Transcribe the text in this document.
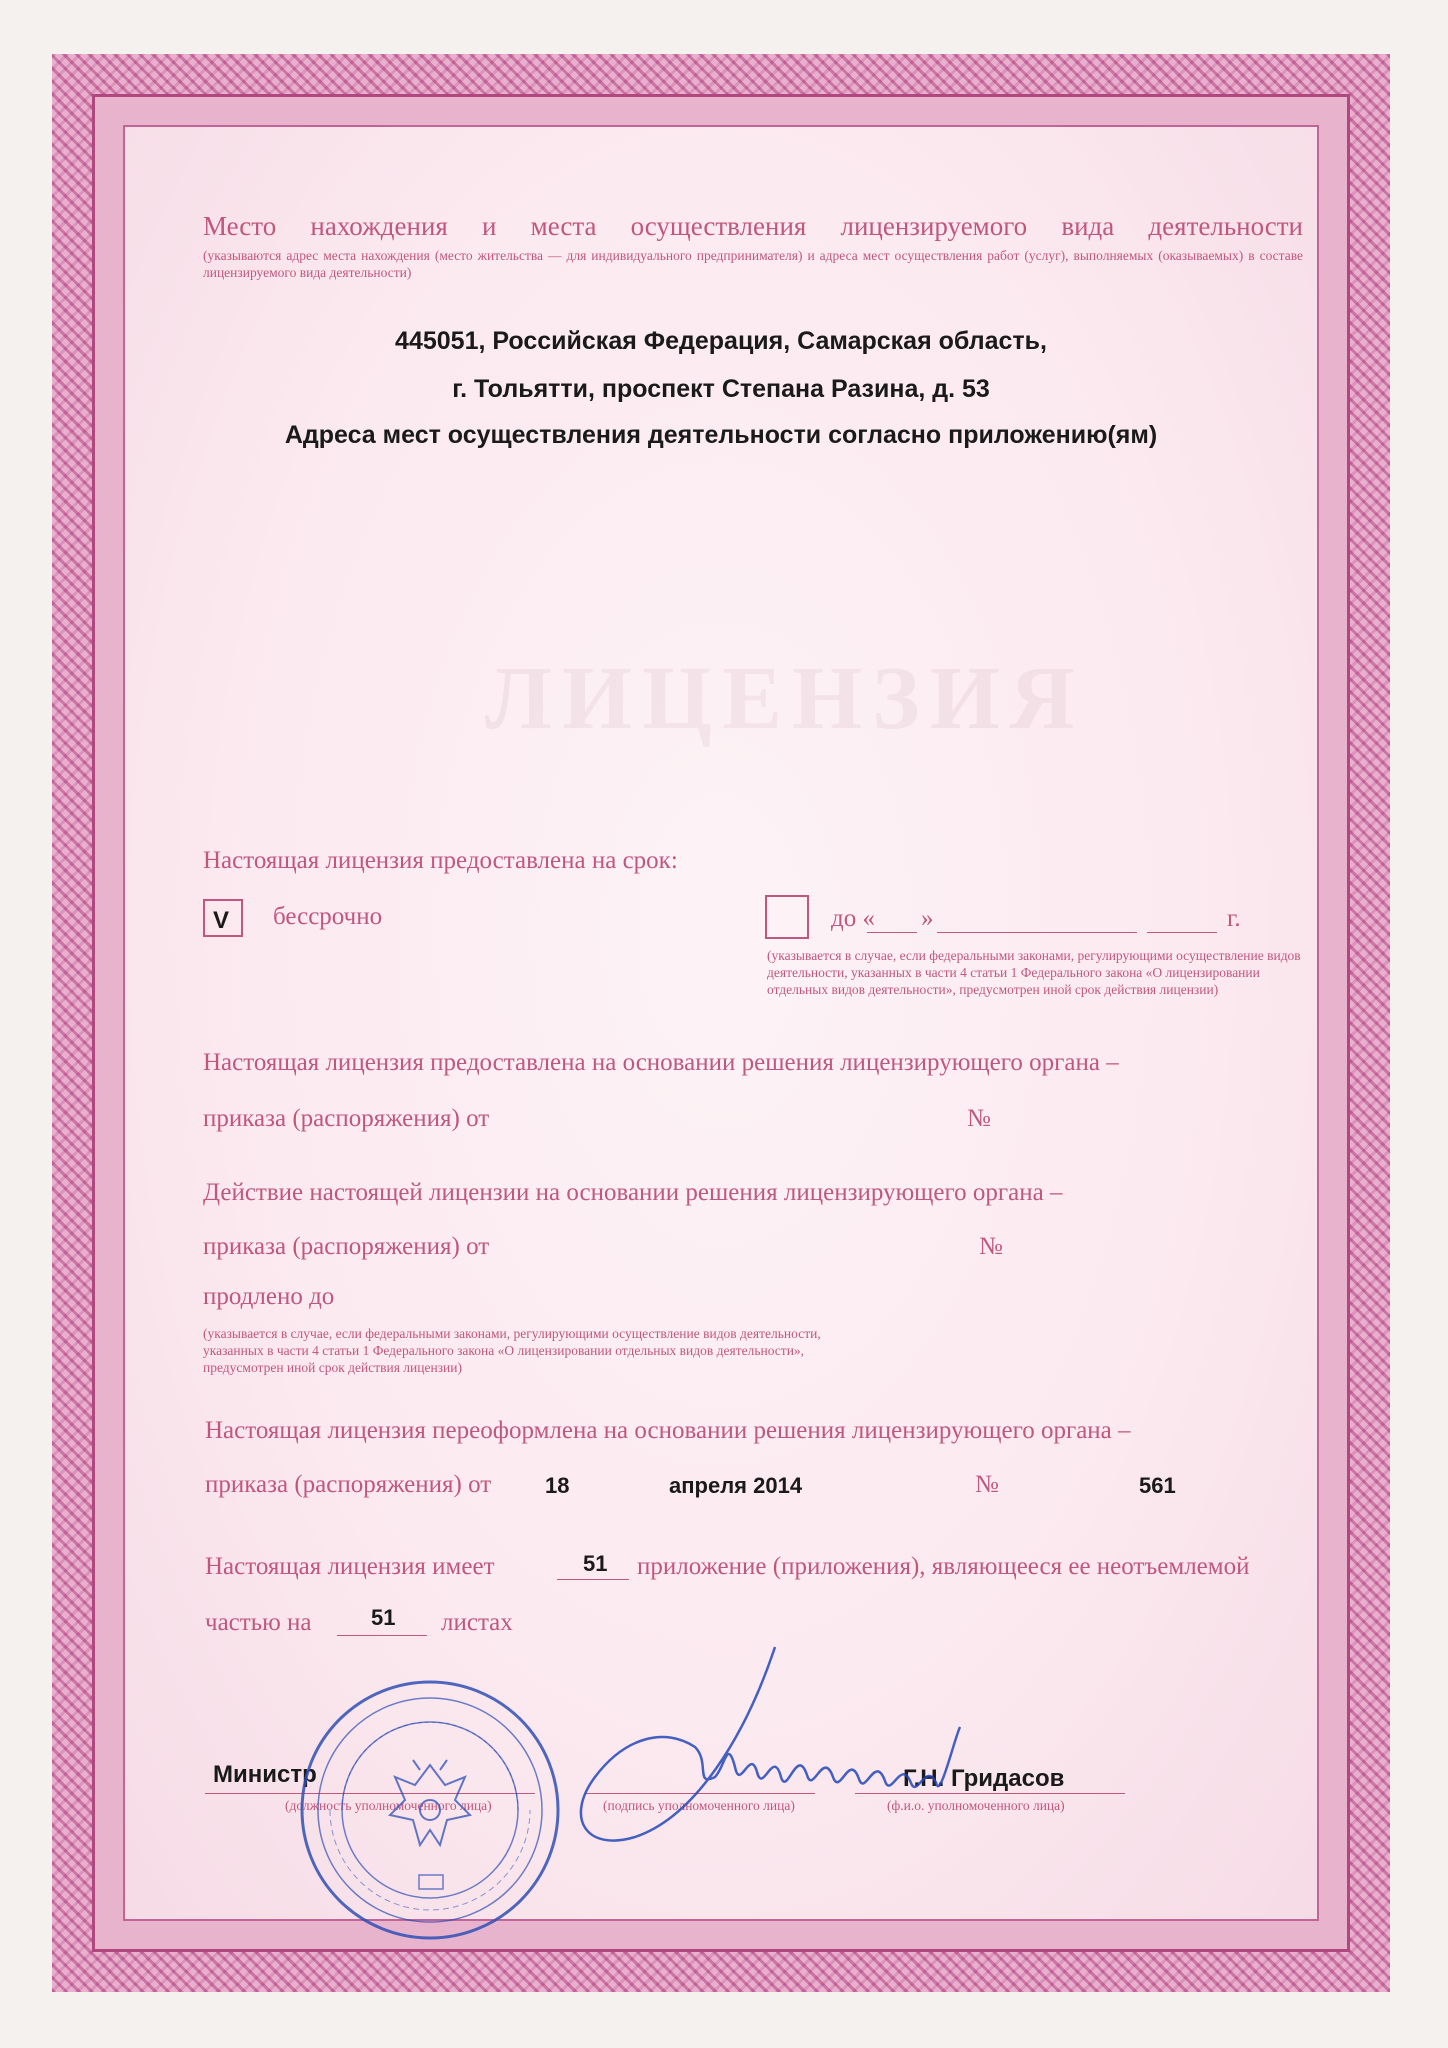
ЛИЦЕНЗИЯ
Место нахождения и места осуществления лицензируемого вида деятельности
(указываются адрес места нахождения (место жительства — для индивидуального предпринимателя) и адреса мест осуществления работ (услуг), выполняемых (оказываемых) в составе лицензируемого вида деятельности)
445051, Российская Федерация, Самарская область,
г. Тольятти, проспект Степана Разина, д. 53
Адреса мест осуществления деятельности согласно приложению(ям)
Настоящая лицензия предоставлена на срок:
V бессрочно	до « »	г.
(указывается в случае, если федеральными законами, регулирующими осуществление видов деятельности, указанных в части 4 статьи 1 Федерального закона «О лицензировании отдельных видов деятельности», предусмотрен иной срок действия лицензии)
Настоящая лицензия предоставлена на основании решения лицензирующего органа –
приказа (распоряжения) от	№
Действие настоящей лицензии на основании решения лицензирующего органа –
приказа (распоряжения) от	№
продлено до
(указывается в случае, если федеральными законами, регулирующими осуществление видов деятельности, указанных в части 4 статьи 1 Федерального закона «О лицензировании отдельных видов деятельности», предусмотрен иной срок действия лицензии)
Настоящая лицензия переоформлена на основании решения лицензирующего органа –
приказа (распоряжения) от 18	апреля 2014	№	561
Настоящая лицензия имеет	51 приложение (приложения), являющееся ее неотъемлемой
частью на	51 листах
Министр
(должность уполномоченного лица)	(подпись уполномоченного лица)
Г.Н. Гридасов
(ф.и.о. уполномоченного лица)
